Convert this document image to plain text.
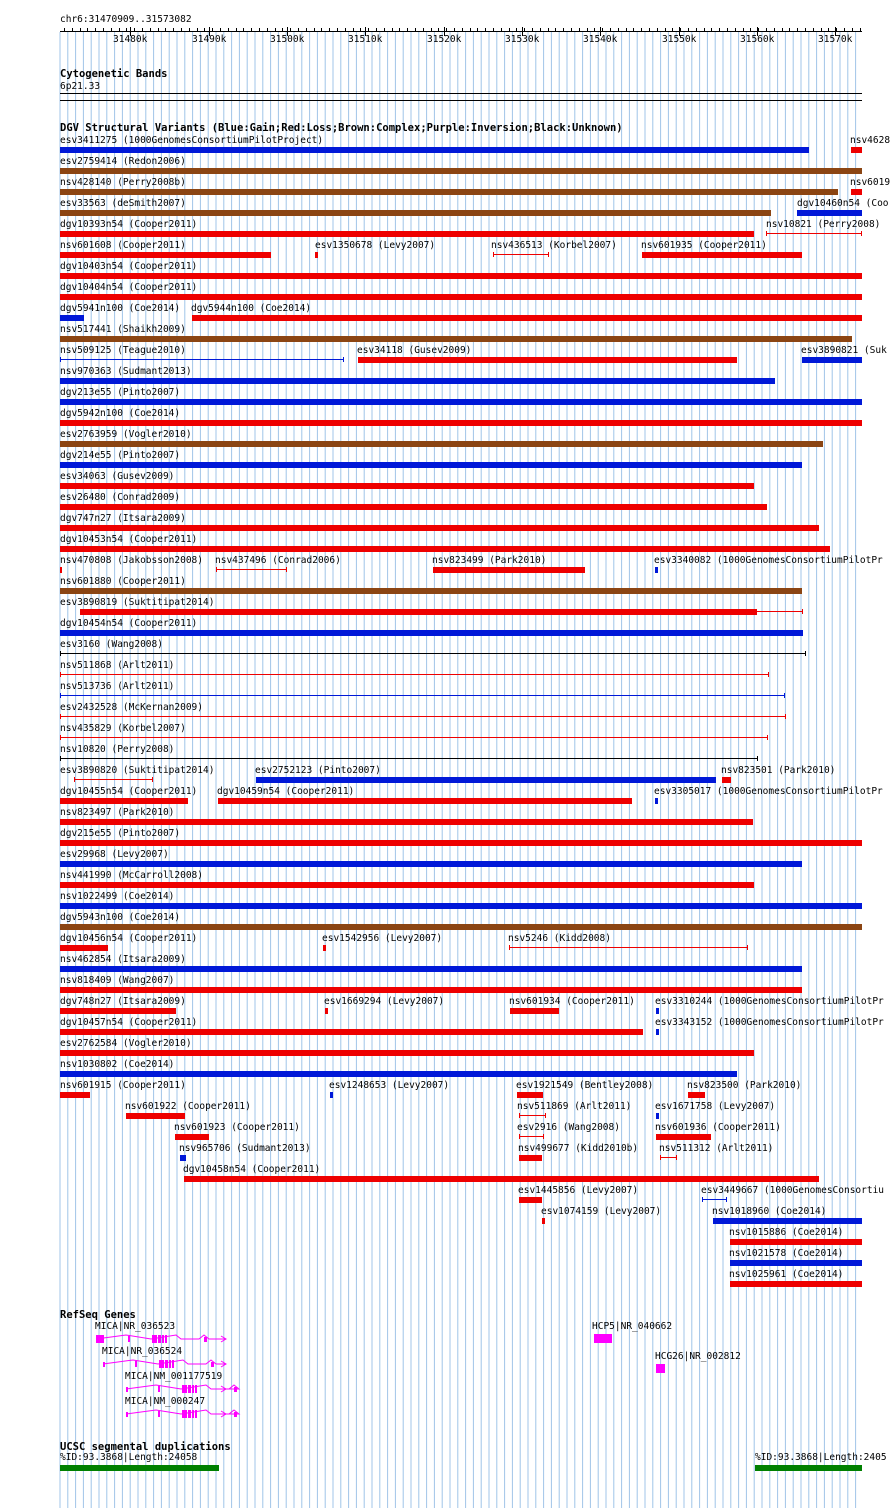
chr6:31470909..31573082
31480k	31490k	31500k	31510k	31520k	31530k	31540k	31550k	31560k	31570k
Cytogenetic Bands
6p21.33
DGV Structural Variants (Blue:Gain;Red:Loss;Brown:Complex;Purple:Inversion;Black:Unknown)
esv3411275 (1000GenomesConsortiumPilotProject)	nsv4628
esv2759414 (Redon2006)
nsv428140 (Perry2008b)	nsv6019
esv33563 (deSmith2007)	dgv10460n54 (Coo
dgv10393n54 (Cooper2011)	nsv10821 (Perry2008)
nsv601608 (Cooper2011)	esv1350678 (Levy2007)	nsv436513 (Korbel2007)	nsv601935 (Cooper2011)
dgv10403n54 (Cooper2011)
dgv10404n54 (Cooper2011)
dgv5941n100 (Coe2014) dgv5944n100 (Coe2014)
nsv517441 (Shaikh2009)
nsv509125 (Teague2010)	esv34118 (Gusev2009)	esv3890821 (Suk
nsv970363 (Sudmant2013)
dgv213e55 (Pinto2007)
dgv5942n100 (Coe2014)
esv2763959 (Vogler2010)
dgv214e55 (Pinto2007)
esv34063 (Gusev2009)
esv26480 (Conrad2009)
dgv747n27 (Itsara2009)
dgv10453n54 (Cooper2011)
nsv470808 (Jakobsson2008) nsv437496 (Conrad2006)	nsv823499 (Park2010)	esv3340082 (1000GenomesConsortiumPilotPr
nsv601880 (Cooper2011)
esv3890819 (Suktitipat2014)
dgv10454n54 (Cooper2011)
esv3160 (Wang2008)
nsv511868 (Arlt2011)
nsv513736 (Arlt2011)
esv2432528 (McKernan2009)
nsv435829 (Korbel2007)
nsv10820 (Perry2008)
esv3890820 (Suktitipat2014)	esv2752123 (Pinto2007)	nsv823501 (Park2010)
dgv10455n54 (Cooper2011) dgv10459n54 (Cooper2011)	esv3305017 (1000GenomesConsortiumPilotPr
nsv823497 (Park2010)
dgv215e55 (Pinto2007)
esv29968 (Levy2007)
nsv441990 (McCarroll2008)
nsv1022499 (Coe2014)
dgv5943n100 (Coe2014)
dgv10456n54 (Cooper2011)	esv1542956 (Levy2007)	nsv5246 (Kidd2008)
nsv462854 (Itsara2009)
nsv818409 (Wang2007)
dgv748n27 (Itsara2009)	esv1669294 (Levy2007)	nsv601934 (Cooper2011) esv3310244 (1000GenomesConsortiumPilotPr
dgv10457n54 (Cooper2011)	esv3343152 (1000GenomesConsortiumPilotPr
esv2762584 (Vogler2010)
nsv1030802 (Coe2014)
nsv601915 (Cooper2011)	esv1248653 (Levy2007)	esv1921549 (Bentley2008)	nsv823500 (Park2010)
nsv601922 (Cooper2011)	nsv511869 (Arlt2011) esv1671758 (Levy2007)
nsv601923 (Cooper2011)	esv2916 (Wang2008)	nsv601936 (Cooper2011)
nsv965706 (Sudmant2013)	nsv499677 (Kidd2010b) nsv511312 (Arlt2011)
dgv10458n54 (Cooper2011)
esv1445856 (Levy2007)	esv3449667 (1000GenomesConsortiu
esv1074159 (Levy2007)	nsv1018960 (Coe2014)
nsv1015886 (Coe2014)
nsv1021578 (Coe2014)
nsv1025961 (Coe2014)
RefSeq Genes
MICA|NR_036523
MICA|NR_036524
MICA|NM_001177519
MICA|NM_000247
HCP5|NR_040662
HCG26|NR_002812
UCSC segmental duplications
%ID:93.3868|Length:24058	%ID:93.3868|Length:2405
